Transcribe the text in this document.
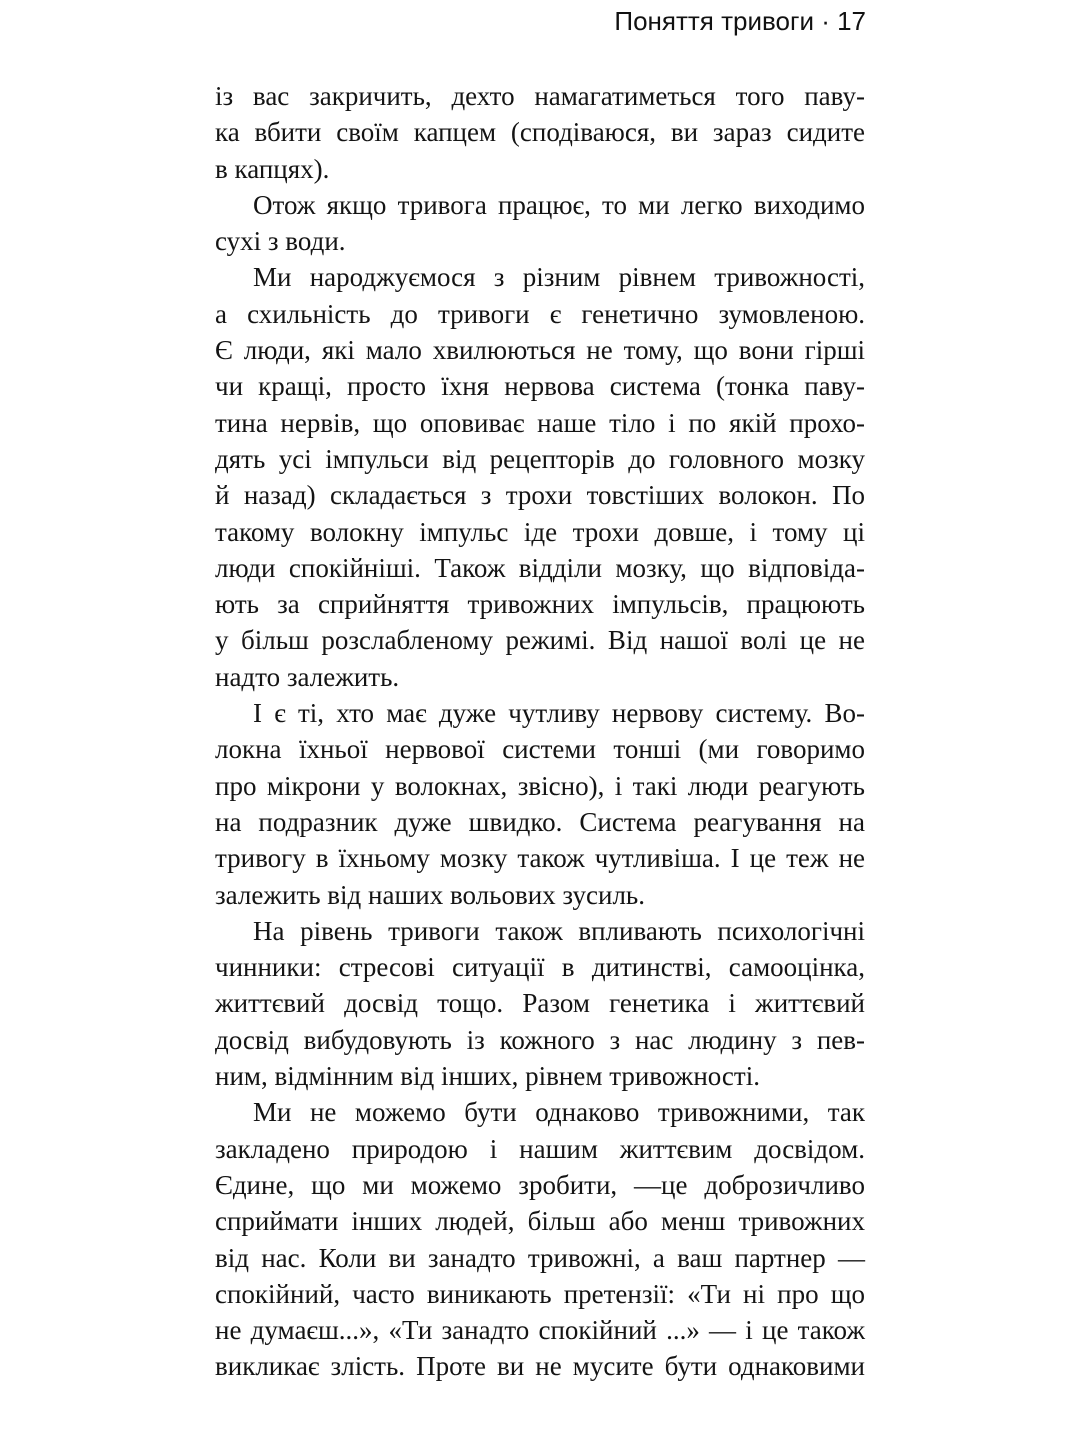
Поняття тривоги · 17
із вас закричить, дехто намагатиметься того паву-
ка вбити своїм капцем (сподіваюся, ви зараз сидите
в капцях).
Отож якщо тривога працює, то ми легко виходимо
сухі з води.
Ми народжуємося з різним рівнем тривожності,
а схильність до тривоги є генетично зумовленою.
Є люди, які мало хвилюються не тому, що вони гірші
чи кращі, просто їхня нервова система (тонка паву-
тина нервів, що оповиває наше тіло і по якій прохо-
дять усі імпульси від рецепторів до головного мозку
й назад) складається з трохи товстіших волокон. По
такому волокну імпульс іде трохи довше, і тому ці
люди спокійніші. Також відділи мозку, що відповіда-
ють за сприйняття тривожних імпульсів, працюють
у більш розслабленому режимі. Від нашої волі це не
надто залежить.
І є ті, хто має дуже чутливу нервову систему. Во-
локна їхньої нервової системи тонші (ми говоримо
про мікрони у волокнах, звісно), і такі люди реагують
на подразник дуже швидко. Система реагування на
тривогу в їхньому мозку також чутливіша. І це теж не
залежить від наших вольових зусиль.
На рівень тривоги також впливають психологічні
чинники: стресові ситуації в дитинстві, самооцінка,
життєвий досвід тощо. Разом генетика і життєвий
досвід вибудовують із кожного з нас людину з пев-
ним, відмінним від інших, рівнем тривожності.
Ми не можемо бути однаково тривожними, так
закладено природою і нашим життєвим досвідом.
Єдине, що ми можемо зробити, —це доброзичливо
сприймати інших людей, більш або менш тривожних
від нас. Коли ви занадто тривожні, а ваш партнер —
спокійний, часто виникають претензії: «Ти ні про що
не думаєш...», «Ти занадто спокійний ...» — і це також
викликає злість. Проте ви не мусите бути однаковими
